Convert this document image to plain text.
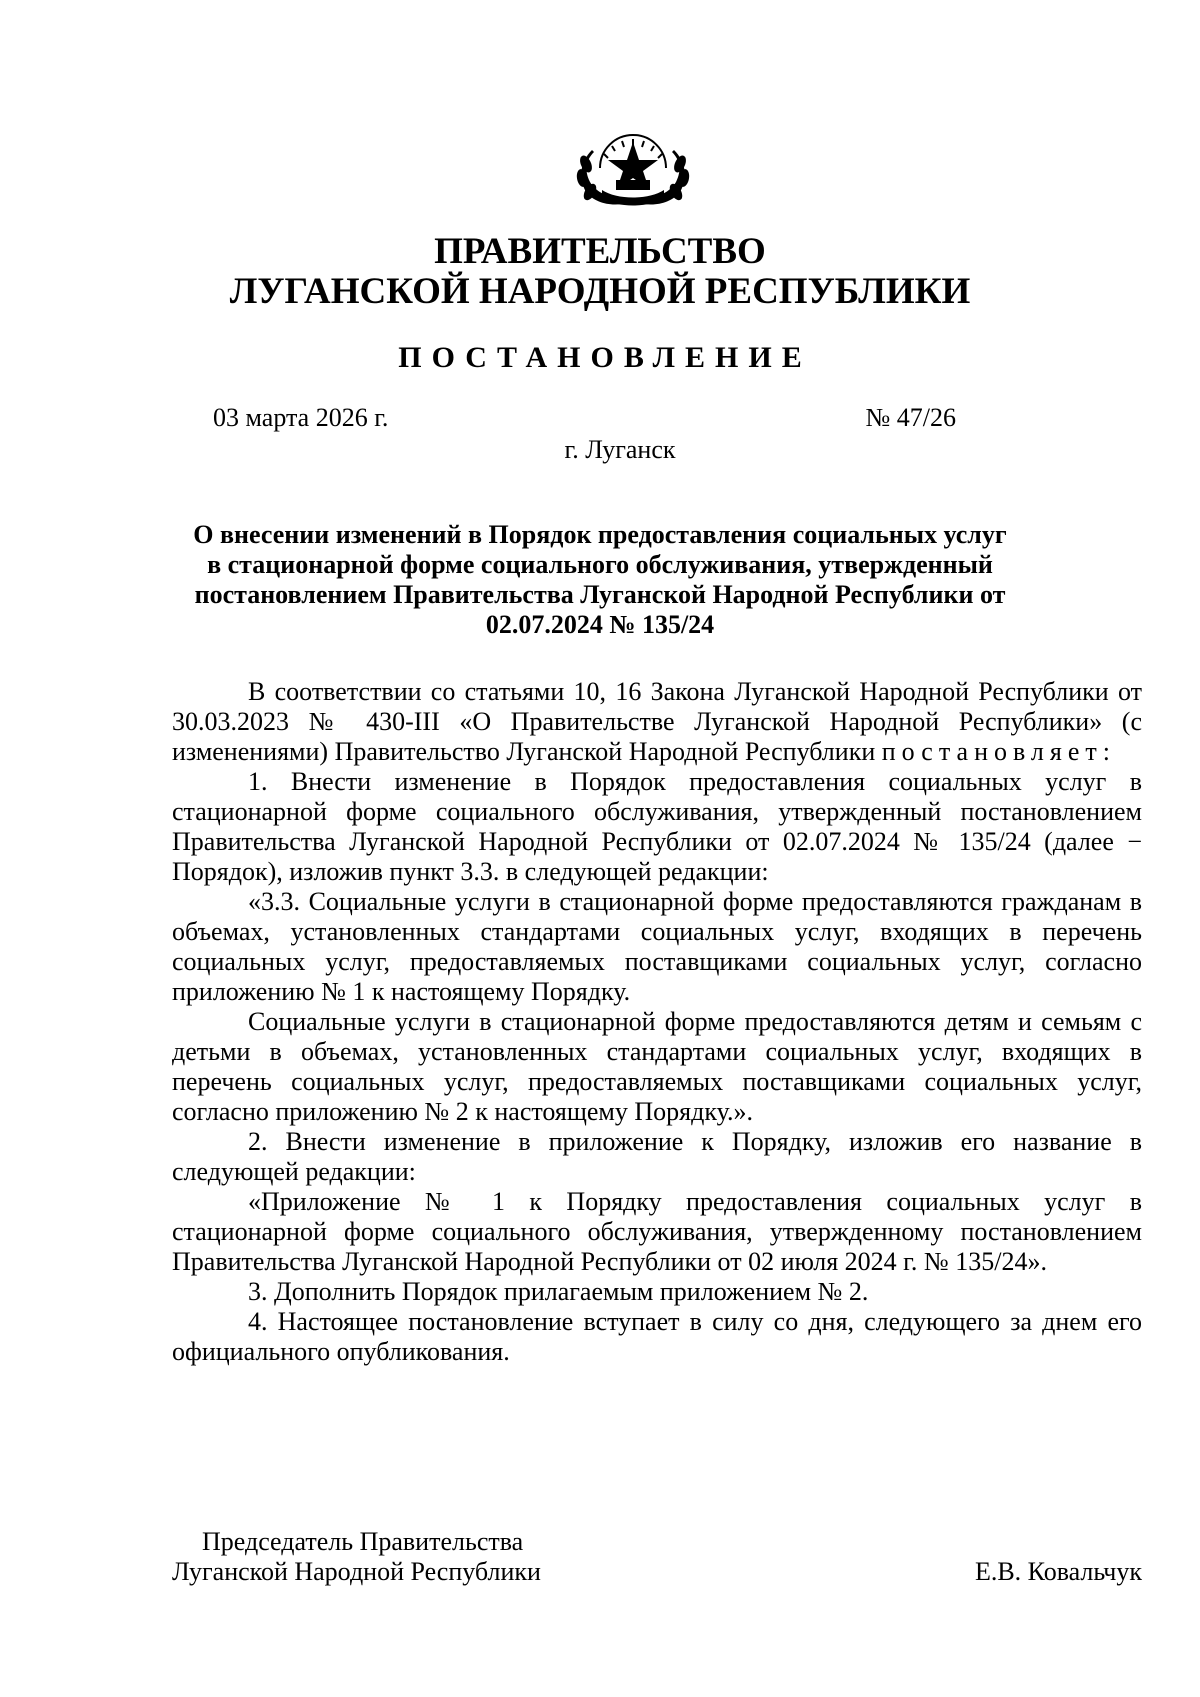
ПРАВИТЕЛЬСТВО
ЛУГАНСКОЙ НАРОДНОЙ РЕСПУБЛИКИ
ПОСТАНОВЛЕНИЕ
03 марта 2026 г.	№ 47/26
г. Луганск
О внесении изменений в Порядок предоставления социальных услуг в стационарной форме социального обслуживания, утвержденный постановлением Правительства Луганской Народной Республики от 02.07.2024 № 135/24

В соответствии со статьями 10, 16 Закона Луганской Народной Республики от 30.03.2023 № 430-III «О Правительстве Луганской Народной Республики» (с изменениями) Правительство Луганской Народной Республики постановляет:

1. Внести изменение в Порядок предоставления социальных услуг в стационарной форме социального обслуживания, утвержденный постановлением Правительства Луганской Народной Республики от 02.07.2024 № 135/24 (далее − Порядок), изложив пункт 3.3. в следующей редакции:

«3.3. Социальные услуги в стационарной форме предоставляются гражданам в объемах, установленных стандартами социальных услуг, входящих в перечень социальных услуг, предоставляемых поставщиками социальных услуг, согласно приложению № 1 к настоящему Порядку.

Социальные услуги в стационарной форме предоставляются детям и семьям с детьми в объемах, установленных стандартами социальных услуг, входящих в перечень социальных услуг, предоставляемых поставщиками социальных услуг, согласно приложению № 2 к настоящему Порядку.».

2. Внести изменение в приложение к Порядку, изложив его название в следующей редакции:

«Приложение № 1 к Порядку предоставления социальных услуг в стационарной форме социального обслуживания, утвержденному постановлением Правительства Луганской Народной Республики от 02 июля 2024 г. № 135/24».

3. Дополнить Порядок прилагаемым приложением № 2.

4. Настоящее постановление вступает в силу со дня, следующего за днем его официального опубликования.

Председатель Правительства
Луганской Народной Республики	Е.В. Ковальчук
